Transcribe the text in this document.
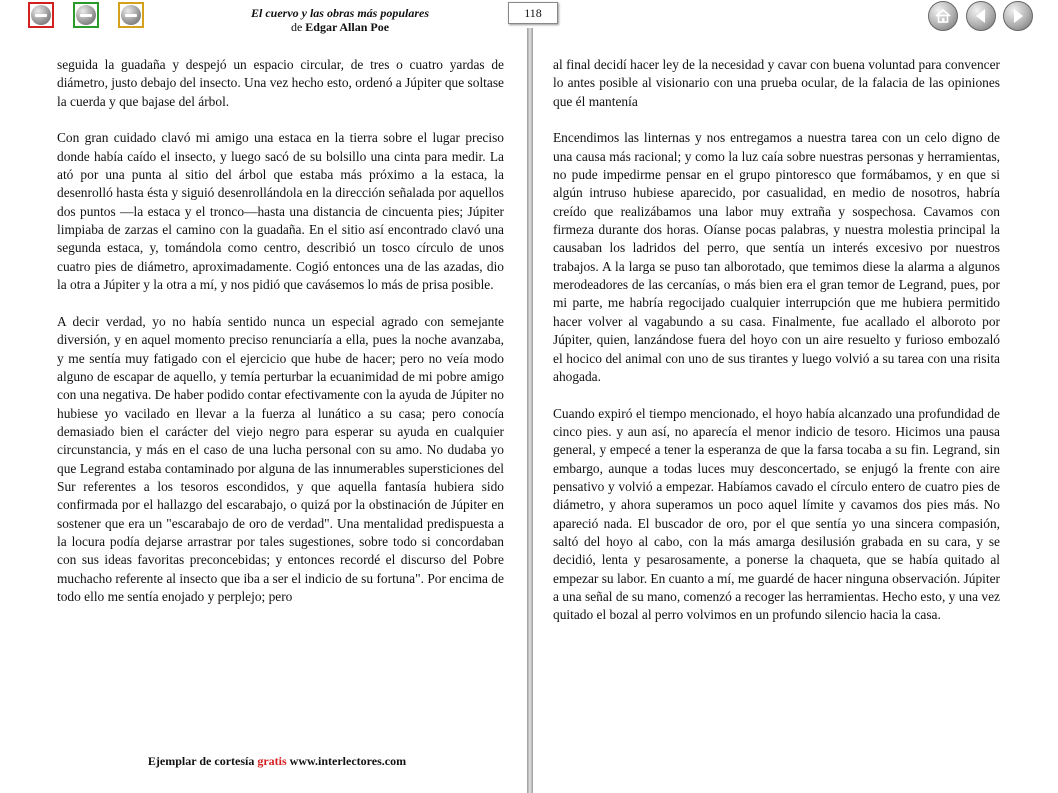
El cuervo y las obras más populares
de Edgar Allan Poe
118

seguida la guadaña y despejó un espacio circular, de tres o cuatro yardas de diámetro, justo debajo del insecto. Una vez hecho esto, ordenó a Júpiter que soltase la cuerda y que bajase del árbol.

Con gran cuidado clavó mi amigo una estaca en la tierra sobre el lugar preciso donde había caído el insecto, y luego sacó de su bolsillo una cinta para medir. La ató por una punta al sitio del árbol que estaba más próximo a la estaca, la desenrolló hasta ésta y siguió desenrollándola en la dirección señalada por aquellos dos puntos —la estaca y el tronco—hasta una distancia de cincuenta pies; Júpiter limpiaba de zarzas el camino con la guadaña. En el sitio así encontrado clavó una segunda estaca, y, tomándola como centro, describió un tosco círculo de unos cuatro pies de diámetro, aproximadamente. Cogió entonces una de las azadas, dio la otra a Júpiter y la otra a mí, y nos pidió que cavásemos lo más de prisa posible.

A decir verdad, yo no había sentido nunca un especial agrado con semejante diversión, y en aquel momento preciso renunciaría a ella, pues la noche avanzaba, y me sentía muy fatigado con el ejercicio que hube de hacer; pero no veía modo alguno de escapar de aquello, y temía perturbar la ecuanimidad de mi pobre amigo con una negativa. De haber podido contar efectivamente con la ayuda de Júpiter no hubiese yo vacilado en llevar a la fuerza al lunático a su casa; pero conocía demasiado bien el carácter del viejo negro para esperar su ayuda en cualquier circunstancia, y más en el caso de una lucha personal con su amo. No dudaba yo que Legrand estaba contaminado por alguna de las innumerables supersticiones del Sur referentes a los tesoros escondidos, y que aquella fantasía hubiera sido confirmada por el hallazgo del escarabajo, o quizá por la obstinación de Júpiter en sostener que era un "escarabajo de oro de verdad". Una mentalidad predispuesta a la locura podía dejarse arrastrar por tales sugestiones, sobre todo si concordaban con sus ideas favoritas preconcebidas; y entonces recordé el discurso del Pobre muchacho referente al insecto que iba a ser el indicio de su fortuna". Por encima de todo ello me sentía enojado y perplejo; pero

al final decidí hacer ley de la necesidad y cavar con buena voluntad para convencer lo antes posible al visionario con una prueba ocular, de la falacia de las opiniones que él mantenía

Encendimos las linternas y nos entregamos a nuestra tarea con un celo digno de una causa más racional; y como la luz caía sobre nuestras personas y herramientas, no pude impedirme pensar en el grupo pintoresco que formábamos, y en que si algún intruso hubiese aparecido, por casualidad, en medio de nosotros, habría creído que realizábamos una labor muy extraña y sospechosa. Cavamos con firmeza durante dos horas. Oíanse pocas palabras, y nuestra molestia principal la causaban los ladridos del perro, que sentía un interés excesivo por nuestros trabajos. A la larga se puso tan alborotado, que temimos diese la alarma a algunos merodeadores de las cercanías, o más bien era el gran temor de Legrand, pues, por mi parte, me habría regocijado cualquier interrupción que me hubiera permitido hacer volver al vagabundo a su casa. Finalmente, fue acallado el alboroto por Júpiter, quien, lanzándose fuera del hoyo con un aire resuelto y furioso embozaló el hocico del animal con uno de sus tirantes y luego volvió a su tarea con una risita ahogada.

Cuando expiró el tiempo mencionado, el hoyo había alcanzado una profundidad de cinco pies. y aun así, no aparecía el menor indicio de tesoro. Hicimos una pausa general, y empecé a tener la esperanza de que la farsa tocaba a su fin. Legrand, sin embargo, aunque a todas luces muy desconcertado, se enjugó la frente con aire pensativo y volvió a empezar. Habíamos cavado el círculo entero de cuatro pies de diámetro, y ahora superamos un poco aquel límite y cavamos dos pies más. No apareció nada. El buscador de oro, por el que sentía yo una sincera compasión, saltó del hoyo al cabo, con la más amarga desilusión grabada en su cara, y se decidió, lenta y pesarosamente, a ponerse la chaqueta, que se había quitado al empezar su labor. En cuanto a mí, me guardé de hacer ninguna observación. Júpiter a una señal de su mano, comenzó a recoger las herramientas. Hecho esto, y una vez quitado el bozal al perro volvimos en un profundo silencio hacia la casa.

Ejemplar de cortesía gratis www.interlectores.com
